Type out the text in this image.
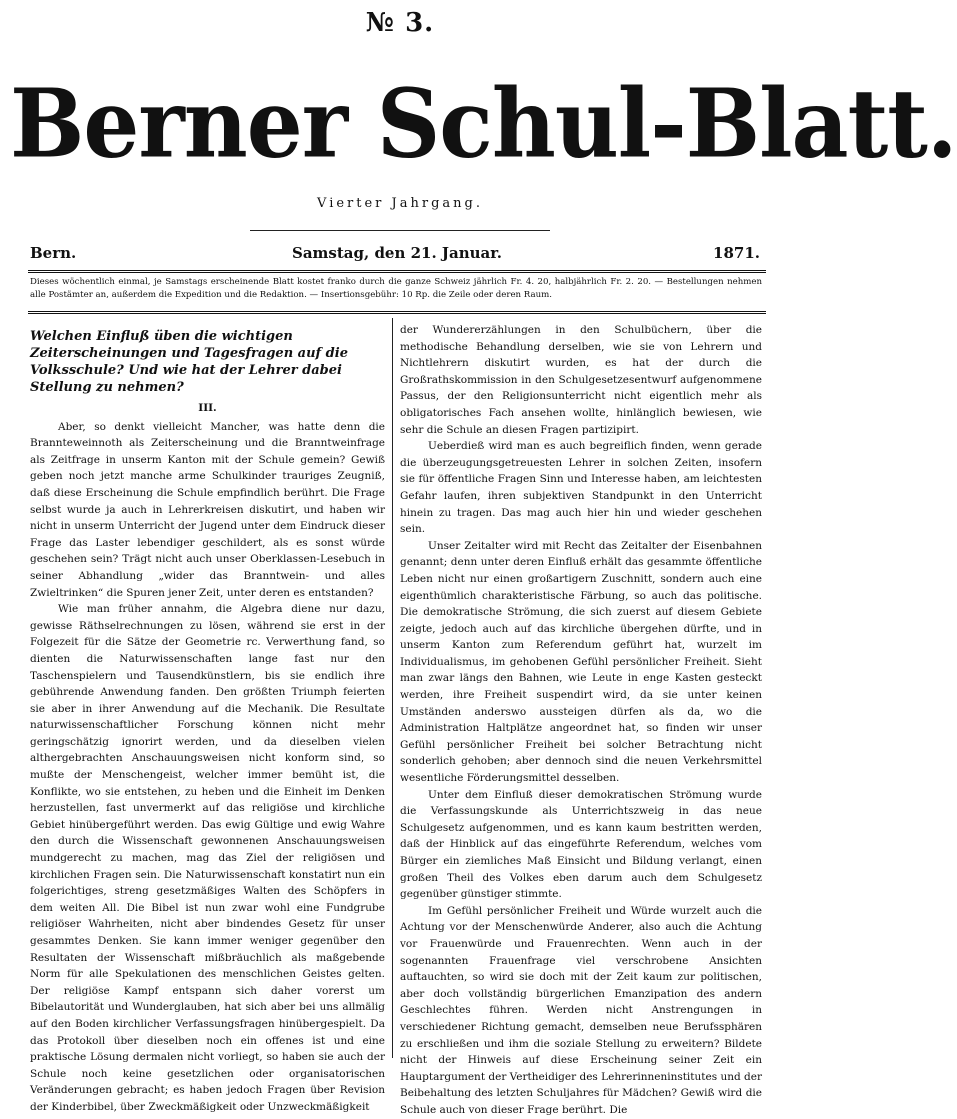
№ 3.
Berner Schul-Blatt.
Vierter Jahrgang.
Bern.	Samstag, den 21. Januar.	1871.
Dieses wöchentlich einmal, je Samstags erscheinende Blatt kostet franko durch die ganze Schweiz jährlich Fr. 4. 20, halbjährlich Fr. 2. 20. — Bestellungen nehmen alle Postämter an, außerdem die Expedition und die Redaktion. — Insertionsgebühr: 10 Rp. die Zeile oder deren Raum.
Welchen Einfluß üben die wichtigen Zeiterscheinungen und Tagesfragen auf die Volksschule? Und wie hat der Lehrer dabei Stellung zu nehmen?
III.

Aber, so denkt vielleicht Mancher, was hatte denn die Brannteweinnoth als Zeiterscheinung und die Branntweinfrage als Zeitfrage in unserm Kanton mit der Schule gemein? Gewiß geben noch jetzt manche arme Schulkinder trauriges Zeugniß, daß diese Erscheinung die Schule empfindlich berührt. Die Frage selbst wurde ja auch in Lehrerkreisen diskutirt, und haben wir nicht in unserm Unterricht der Jugend unter dem Eindruck dieser Frage das Laster lebendiger geschildert, als es sonst würde geschehen sein? Trägt nicht auch unser Oberklassen-Lesebuch in seiner Abhandlung „wider das Branntwein- und alles Zwieltrinken“ die Spuren jener Zeit, unter deren es entstanden?

Wie man früher annahm, die Algebra diene nur dazu, gewisse Räthselrechnungen zu lösen, während sie erst in der Folgezeit für die Sätze der Geometrie rc. Verwerthung fand, so dienten die Naturwissenschaften lange fast nur den Taschenspielern und Tausendkünstlern, bis sie endlich ihre gebührende Anwendung fanden. Den größten Triumph feierten sie aber in ihrer Anwendung auf die Mechanik. Die Resultate naturwissenschaftlicher Forschung können nicht mehr geringschätzig ignorirt werden, und da dieselben vielen althergebrachten Anschauungsweisen nicht konform sind, so mußte der Menschengeist, welcher immer bemüht ist, die Konflikte, wo sie entstehen, zu heben und die Einheit im Denken herzustellen, fast unvermerkt auf das religiöse und kirchliche Gebiet hinübergeführt werden. Das ewig Gültige und ewig Wahre den durch die Wissenschaft gewonnenen Anschauungsweisen mundgerecht zu machen, mag das Ziel der religiösen und kirchlichen Fragen sein. Die Naturwissenschaft konstatirt nun ein folgerichtiges, streng gesetzmäßiges Walten des Schöpfers in dem weiten All. Die Bibel ist nun zwar wohl eine Fundgrube religiöser Wahrheiten, nicht aber bindendes Gesetz für unser gesammtes Denken. Sie kann immer weniger gegenüber den Resultaten der Wissenschaft mißbräuchlich als maßgebende Norm für alle Spekulationen des menschlichen Geistes gelten. Der religiöse Kampf entspann sich daher vorerst um Bibelautorität und Wunderglauben, hat sich aber bei uns allmälig auf den Boden kirchlicher Verfassungsfragen hinübergespielt. Da das Protokoll über dieselben noch ein offenes ist und eine praktische Lösung dermalen nicht vorliegt, so haben sie auch der Schule noch keine gesetzlichen oder organisatorischen Veränderungen gebracht; es haben jedoch Fragen über Revision der Kinderbibel, über Zweckmäßigkeit oder Unzweckmäßigkeit

der Wundererzählungen in den Schulbüchern, über die methodische Behandlung derselben, wie sie von Lehrern und Nichtlehrern diskutirt wurden, es hat der durch die Großrathskommission in den Schulgesetzesentwurf aufgenommene Passus, der den Religionsunterricht nicht eigentlich mehr als obligatorisches Fach ansehen wollte, hinlänglich bewiesen, wie sehr die Schule an diesen Fragen partizipirt.

Ueberdieß wird man es auch begreiflich finden, wenn gerade die überzeugungsgetreuesten Lehrer in solchen Zeiten, insofern sie für öffentliche Fragen Sinn und Interesse haben, am leichtesten Gefahr laufen, ihren subjektiven Standpunkt in den Unterricht hinein zu tragen. Das mag auch hier hin und wieder geschehen sein.

Unser Zeitalter wird mit Recht das Zeitalter der Eisenbahnen genannt; denn unter deren Einfluß erhält das gesammte öffentliche Leben nicht nur einen großartigern Zuschnitt, sondern auch eine eigenthümlich charakteristische Färbung, so auch das politische. Die demokratische Strömung, die sich zuerst auf diesem Gebiete zeigte, jedoch auch auf das kirchliche übergehen dürfte, und in unserm Kanton zum Referendum geführt hat, wurzelt im Individualismus, im gehobenen Gefühl persönlicher Freiheit. Sieht man zwar längs den Bahnen, wie Leute in enge Kasten gesteckt werden, ihre Freiheit suspendirt wird, da sie unter keinen Umständen anderswo aussteigen dürfen als da, wo die Administration Haltplätze angeordnet hat, so finden wir unser Gefühl persönlicher Freiheit bei solcher Betrachtung nicht sonderlich gehoben; aber dennoch sind die neuen Verkehrsmittel wesentliche Förderungsmittel desselben.

Unter dem Einfluß dieser demokratischen Strömung wurde die Verfassungskunde als Unterrichtszweig in das neue Schulgesetz aufgenommen, und es kann kaum bestritten werden, daß der Hinblick auf das eingeführte Referendum, welches vom Bürger ein ziemliches Maß Einsicht und Bildung verlangt, einen großen Theil des Volkes eben darum auch dem Schulgesetz gegenüber günstiger stimmte.

Im Gefühl persönlicher Freiheit und Würde wurzelt auch die Achtung vor der Menschenwürde Anderer, also auch die Achtung vor Frauenwürde und Frauenrechten. Wenn auch in der sogenannten Frauenfrage viel verschrobene Ansichten auftauchten, so wird sie doch mit der Zeit kaum zur politischen, aber doch vollständig bürgerlichen Emanzipation des andern Geschlechtes führen. Werden nicht Anstrengungen in verschiedener Richtung gemacht, demselben neue Berufssphären zu erschließen und ihm die soziale Stellung zu erweitern? Bildete nicht der Hinweis auf diese Erscheinung seiner Zeit ein Hauptargument der Vertheidiger des Lehrerinneninstitutes und der Beibehaltung des letzten Schuljahres für Mädchen? Gewiß wird die Schule auch von dieser Frage berührt. Die
